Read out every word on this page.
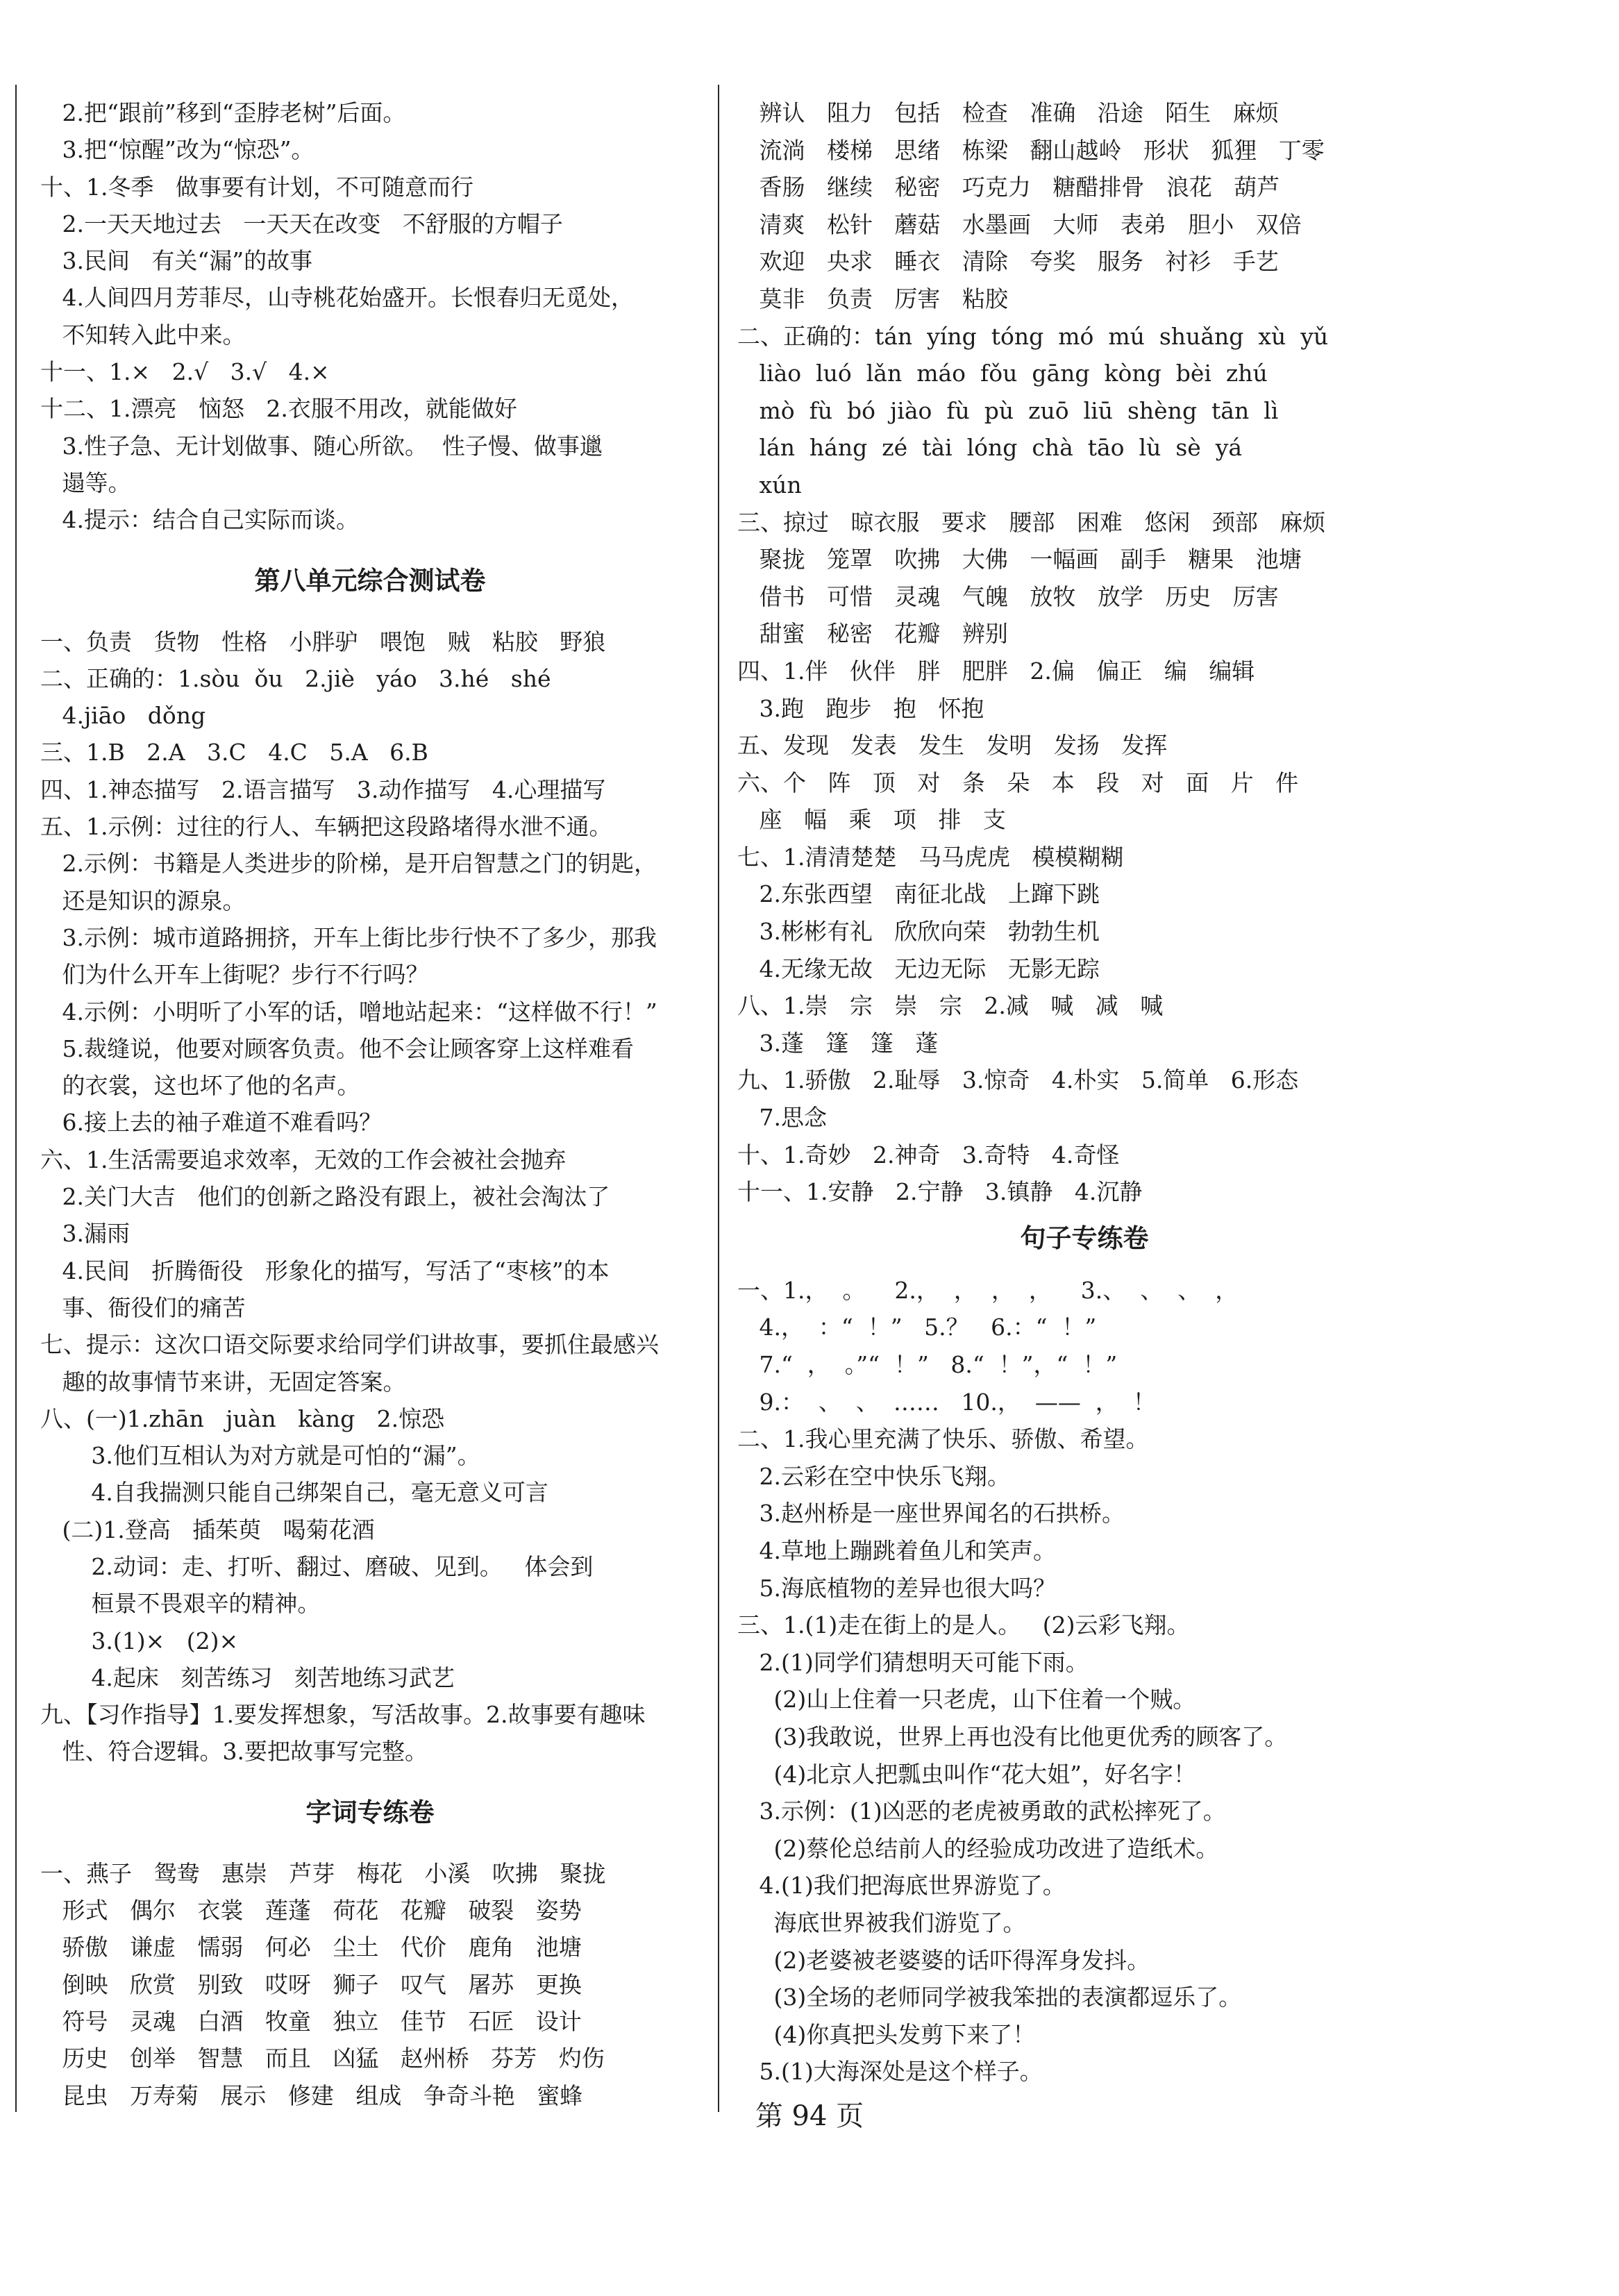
2.把“跟前”移到“歪脖老树”后面。
3.把“惊醒”改为“惊恐”。
十、1.冬季   做事要有计划，不可随意而行
2.一天天地过去   一天天在改变   不舒服的方帽子
3.民间   有关“漏”的故事
4.人间四月芳菲尽，山寺桃花始盛开。长恨春归无觅处，
不知转入此中来。
十一、1.×   2.√   3.√   4.×
十二、1.漂亮   恼怒   2.衣服不用改，就能做好
3.性子急、无计划做事、随心所欲。  性子慢、做事邋
遢等。
4.提示：结合自己实际而谈。
第八单元综合测试卷
一、负责   货物   性格   小胖驴   喂饱   贼   粘胶   野狼
二、正确的：1.sòu  ǒu   2.jiè   yáo   3.hé   shé
4.jiāo   dǒng
三、1.B   2.A   3.C   4.C   5.A   6.B
四、1.神态描写   2.语言描写   3.动作描写   4.心理描写
五、1.示例：过往的行人、车辆把这段路堵得水泄不通。
2.示例：书籍是人类进步的阶梯，是开启智慧之门的钥匙，
还是知识的源泉。
3.示例：城市道路拥挤，开车上街比步行快不了多少，那我
们为什么开车上街呢？步行不行吗？
4.示例：小明听了小军的话，噌地站起来：“这样做不行！”
5.裁缝说，他要对顾客负责。他不会让顾客穿上这样难看
的衣裳，这也坏了他的名声。
6.接上去的袖子难道不难看吗？
六、1.生活需要追求效率，无效的工作会被社会抛弃
2.关门大吉   他们的创新之路没有跟上，被社会淘汰了
3.漏雨
4.民间   折腾衙役   形象化的描写，写活了“枣核”的本
事、衙役们的痛苦
七、提示：这次口语交际要求给同学们讲故事，要抓住最感兴
趣的故事情节来讲，无固定答案。
八、(一)1.zhān   juàn   kàng   2.惊恐
3.他们互相认为对方就是可怕的“漏”。
4.自我揣测只能自己绑架自己，毫无意义可言
(二)1.登高   插茱萸   喝菊花酒
2.动词：走、打听、翻过、磨破、见到。   体会到
桓景不畏艰辛的精神。
3.(1)×   (2)×
4.起床   刻苦练习   刻苦地练习武艺
九、【习作指导】1.要发挥想象，写活故事。2.故事要有趣味
性、符合逻辑。3.要把故事写完整。
字词专练卷
一、燕子   鸳鸯   惠崇   芦芽   梅花   小溪   吹拂   聚拢
形式   偶尔   衣裳   莲蓬   荷花   花瓣   破裂   姿势
骄傲   谦虚   懦弱   何必   尘土   代价   鹿角   池塘
倒映   欣赏   别致   哎呀   狮子   叹气   屠苏   更换
符号   灵魂   白酒   牧童   独立   佳节   石匠   设计
历史   创举   智慧   而且   凶猛   赵州桥   芬芳   灼伤
昆虫   万寿菊   展示   修建   组成   争奇斗艳   蜜蜂
辨认   阻力   包括   检查   准确   沿途   陌生   麻烦
流淌   楼梯   思绪   栋梁   翻山越岭   形状   狐狸   丁零
香肠   继续   秘密   巧克力   糖醋排骨   浪花   葫芦
清爽   松针   蘑菇   水墨画   大师   表弟   胆小   双倍
欢迎   央求   睡衣   清除   夸奖   服务   衬衫   手艺
莫非   负责   厉害   粘胶
二、正确的：tán  yíng  tóng  mó  mú  shuǎng  xù  yǔ
liào  luó  lǎn  máo  fǒu  gāng  kòng  bèi  zhú
mò  fù  bó  jiào  fù  pù  zuō  liū  shèng  tān  lì
lán  háng  zé  tài  lóng  chà  tāo  lù  sè  yá
xún
三、掠过   晾衣服   要求   腰部   困难   悠闲   颈部   麻烦
聚拢   笼罩   吹拂   大佛   一幅画   副手   糖果   池塘
借书   可惜   灵魂   气魄   放牧   放学   历史   厉害
甜蜜   秘密   花瓣   辨别
四、1.伴   伙伴   胖   肥胖   2.偏   偏正   编   编辑
3.跑   跑步   抱   怀抱
五、发现   发表   发生   发明   发扬   发挥
六、个   阵   顶   对   条   朵   本   段   对   面   片   件
座   幅   乘   项   排   支
七、1.清清楚楚   马马虎虎   模模糊糊
2.东张西望   南征北战   上蹿下跳
3.彬彬有礼   欣欣向荣   勃勃生机
4.无缘无故   无边无际   无影无踪
八、1.崇   宗   崇   宗   2.减   喊   减   喊
3.蓬   篷   篷   蓬
九、1.骄傲   2.耻辱   3.惊奇   4.朴实   5.简单   6.形态
7.思念
十、1.奇妙   2.神奇   3.奇特   4.奇怪
十一、1.安静   2.宁静   3.镇静   4.沉静
句子专练卷
一、1.，  。    2.，  ，  ，  ，    3.、  、  、  ，
4.，  ：“  ！”   5.？   6.：“  ！”
7.“  ，  。”“  ！”   8.“  ！”，“  ！”
9.：  、  、  ……   10.，  ——  ，  ！
二、1.我心里充满了快乐、骄傲、希望。
2.云彩在空中快乐飞翔。
3.赵州桥是一座世界闻名的石拱桥。
4.草地上蹦跳着鱼儿和笑声。
5.海底植物的差异也很大吗？
三、1.(1)走在街上的是人。   (2)云彩飞翔。
2.(1)同学们猜想明天可能下雨。
(2)山上住着一只老虎，山下住着一个贼。
(3)我敢说，世界上再也没有比他更优秀的顾客了。
(4)北京人把瓢虫叫作“花大姐”，好名字！
3.示例：(1)凶恶的老虎被勇敢的武松摔死了。
(2)蔡伦总结前人的经验成功改进了造纸术。
4.(1)我们把海底世界游览了。
海底世界被我们游览了。
(2)老婆被老婆婆的话吓得浑身发抖。
(3)全场的老师同学被我笨拙的表演都逗乐了。
(4)你真把头发剪下来了！
5.(1)大海深处是这个样子。
第 94 页
